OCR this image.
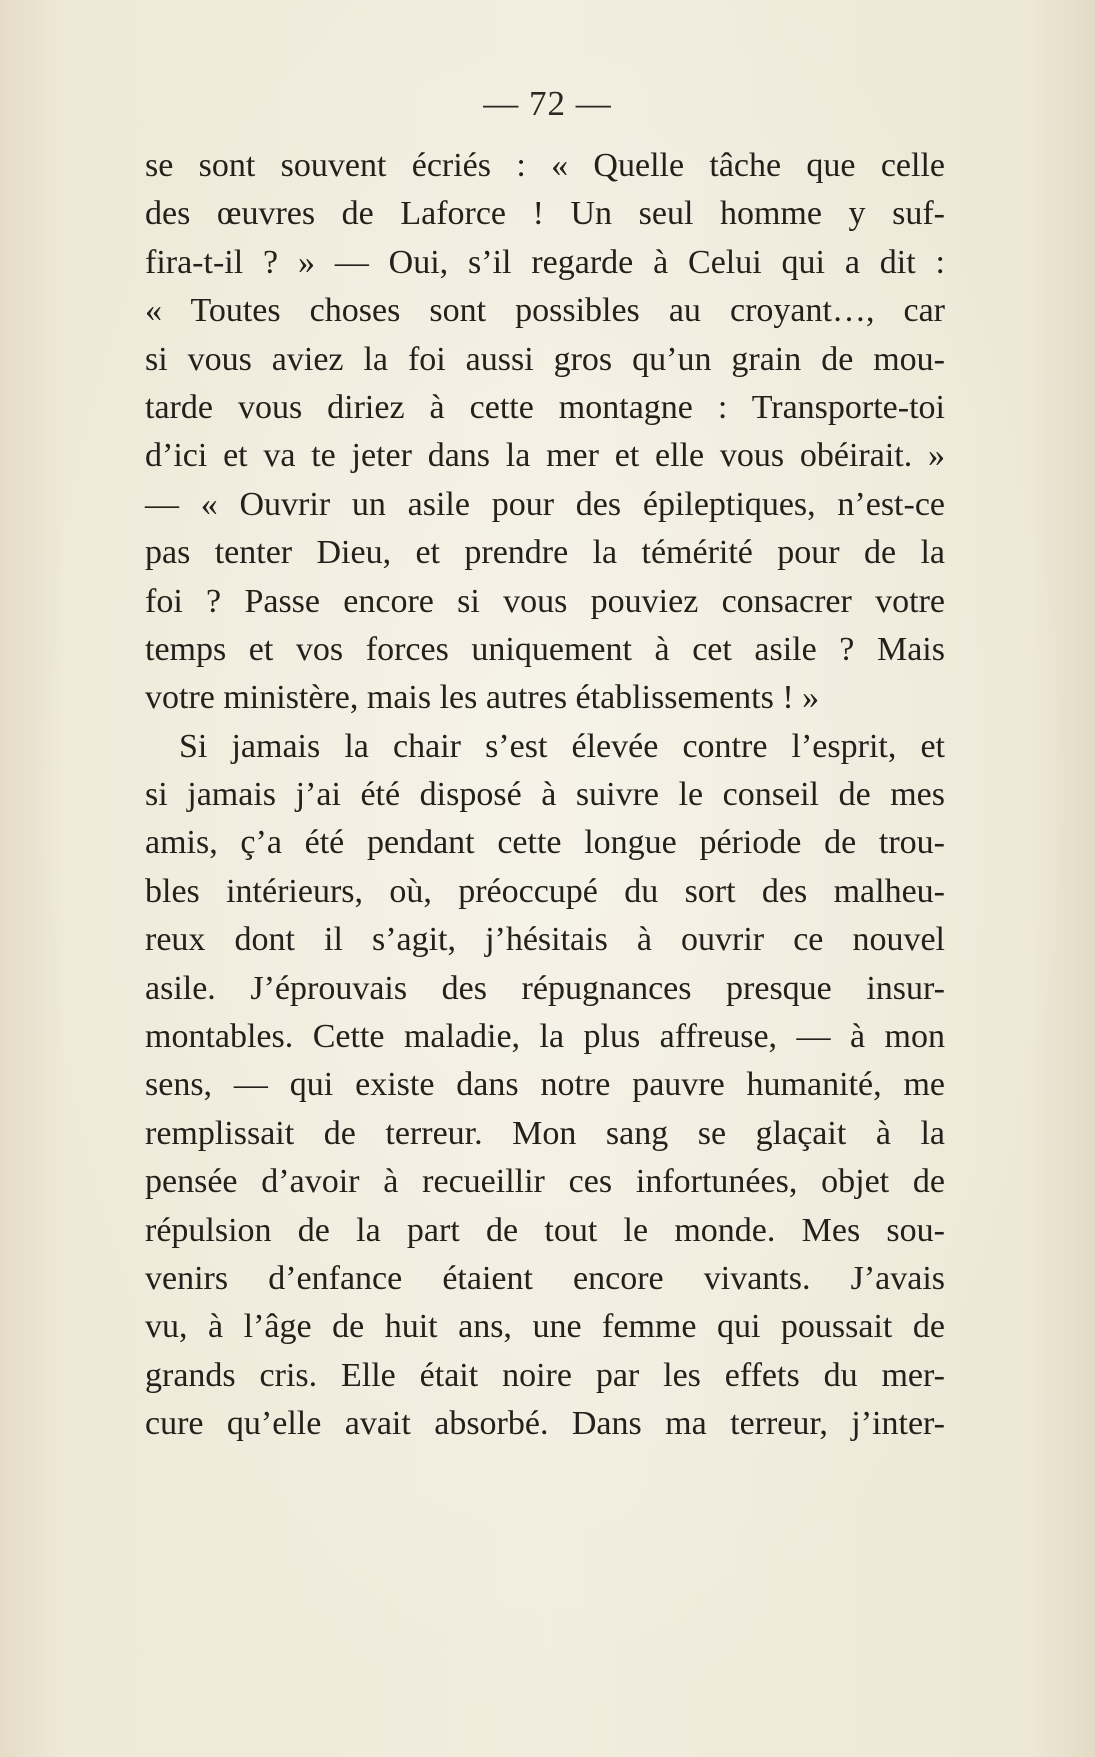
— 72 —
se sont souvent écriés : « Quelle tâche que celle
des œuvres de Laforce ! Un seul homme y suf-
fira-t-il ? » — Oui, s’il regarde à Celui qui a dit :
« Toutes choses sont possibles au croyant…, car
si vous aviez la foi aussi gros qu’un grain de mou-
tarde vous diriez à cette montagne : Transporte-toi
d’ici et va te jeter dans la mer et elle vous obéirait. »
— « Ouvrir un asile pour des épileptiques, n’est-ce
pas tenter Dieu, et prendre la témérité pour de la
foi ? Passe encore si vous pouviez consacrer votre
temps et vos forces uniquement à cet asile ? Mais
votre ministère, mais les autres établissements ! »
Si jamais la chair s’est élevée contre l’esprit, et
si jamais j’ai été disposé à suivre le conseil de mes
amis, ç’a été pendant cette longue période de trou-
bles intérieurs, où, préoccupé du sort des malheu-
reux dont il s’agit, j’hésitais à ouvrir ce nouvel
asile. J’éprouvais des répugnances presque insur-
montables. Cette maladie, la plus affreuse, — à mon
sens, — qui existe dans notre pauvre humanité, me
remplissait de terreur. Mon sang se glaçait à la
pensée d’avoir à recueillir ces infortunées, objet de
répulsion de la part de tout le monde. Mes sou-
venirs d’enfance étaient encore vivants. J’avais
vu, à l’âge de huit ans, une femme qui poussait de
grands cris. Elle était noire par les effets du mer-
cure qu’elle avait absorbé. Dans ma terreur, j’inter-
